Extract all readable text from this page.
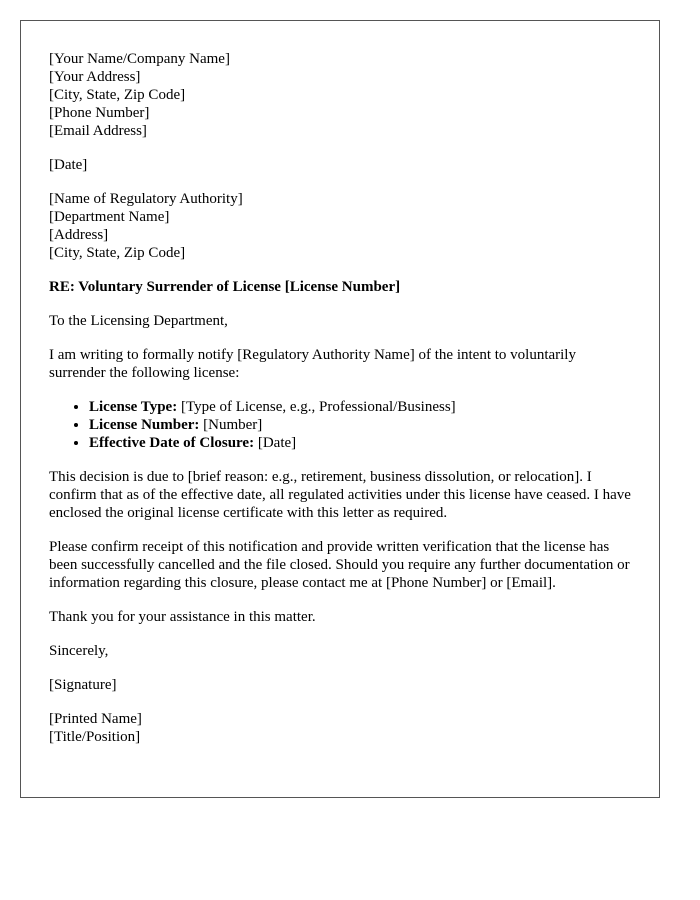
[Your Name/Company Name]
[Your Address]
[City, State, Zip Code]
[Phone Number]
[Email Address]
[Date]
[Name of Regulatory Authority]
[Department Name]
[Address]
[City, State, Zip Code]
RE: Voluntary Surrender of License [License Number]

To the Licensing Department,

I am writing to formally notify [Regulatory Authority Name] of the intent to voluntarily surrender the following license:

• License Type: [Type of License, e.g., Professional/Business]
• License Number: [Number]
• Effective Date of Closure: [Date]

This decision is due to [brief reason: e.g., retirement, business dissolution, or relocation]. I confirm that as of the effective date, all regulated activities under this license have ceased. I have enclosed the original license certificate with this letter as required.

Please confirm receipt of this notification and provide written verification that the license has been successfully cancelled and the file closed. Should you require any further documentation or information regarding this closure, please contact me at [Phone Number] or [Email].

Thank you for your assistance in this matter.

Sincerely,

[Signature]

[Printed Name]
[Title/Position]
